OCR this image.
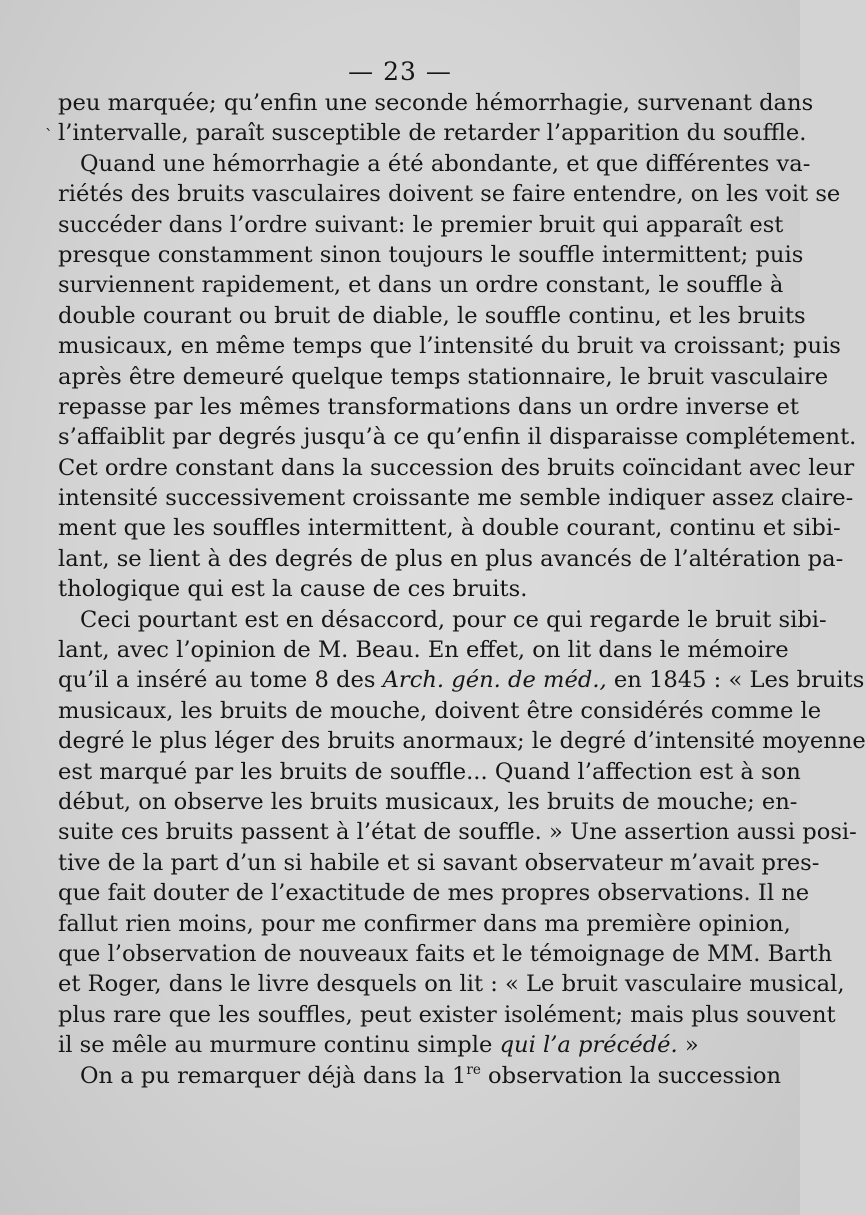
— 23 —
`
peu marquée; qu’enfin une seconde hémorrhagie, survenant dans
l’intervalle, paraît susceptible de retarder l’apparition du souffle.
Quand une hémorrhagie a été abondante, et que différentes va-
riétés des bruits vasculaires doivent se faire entendre, on les voit se
succéder dans l’ordre suivant: le premier bruit qui apparaît est
presque constamment sinon toujours le souffle intermittent; puis
surviennent rapidement, et dans un ordre constant, le souffle à
double courant ou bruit de diable, le souffle continu, et les bruits
musicaux, en même temps que l’intensité du bruit va croissant; puis
après être demeuré quelque temps stationnaire, le bruit vasculaire
repasse par les mêmes transformations dans un ordre inverse et
s’affaiblit par degrés jusqu’à ce qu’enfin il disparaisse complétement.
Cet ordre constant dans la succession des bruits coïncidant avec leur
intensité successivement croissante me semble indiquer assez claire-
ment que les souffles intermittent, à double courant, continu et sibi-
lant, se lient à des degrés de plus en plus avancés de l’altération pa-
thologique qui est la cause de ces bruits.
Ceci pourtant est en désaccord, pour ce qui regarde le bruit sibi-
lant, avec l’opinion de M. Beau. En effet, on lit dans le mémoire
qu’il a inséré au tome 8 des Arch. gén. de méd., en 1845 : « Les bruits
musicaux, les bruits de mouche, doivent être considérés comme le
degré le plus léger des bruits anormaux; le degré d’intensité moyenne
est marqué par les bruits de souffle... Quand l’affection est à son
début, on observe les bruits musicaux, les bruits de mouche; en-
suite ces bruits passent à l’état de souffle. » Une assertion aussi posi-
tive de la part d’un si habile et si savant observateur m’avait pres-
que fait douter de l’exactitude de mes propres observations. Il ne
fallut rien moins, pour me confirmer dans ma première opinion,
que l’observation de nouveaux faits et le témoignage de MM. Barth
et Roger, dans le livre desquels on lit : « Le bruit vasculaire musical,
plus rare que les souffles, peut exister isolément; mais plus souvent
il se mêle au murmure continu simple qui l’a précédé. »
On a pu remarquer déjà dans la 1re observation la succession
